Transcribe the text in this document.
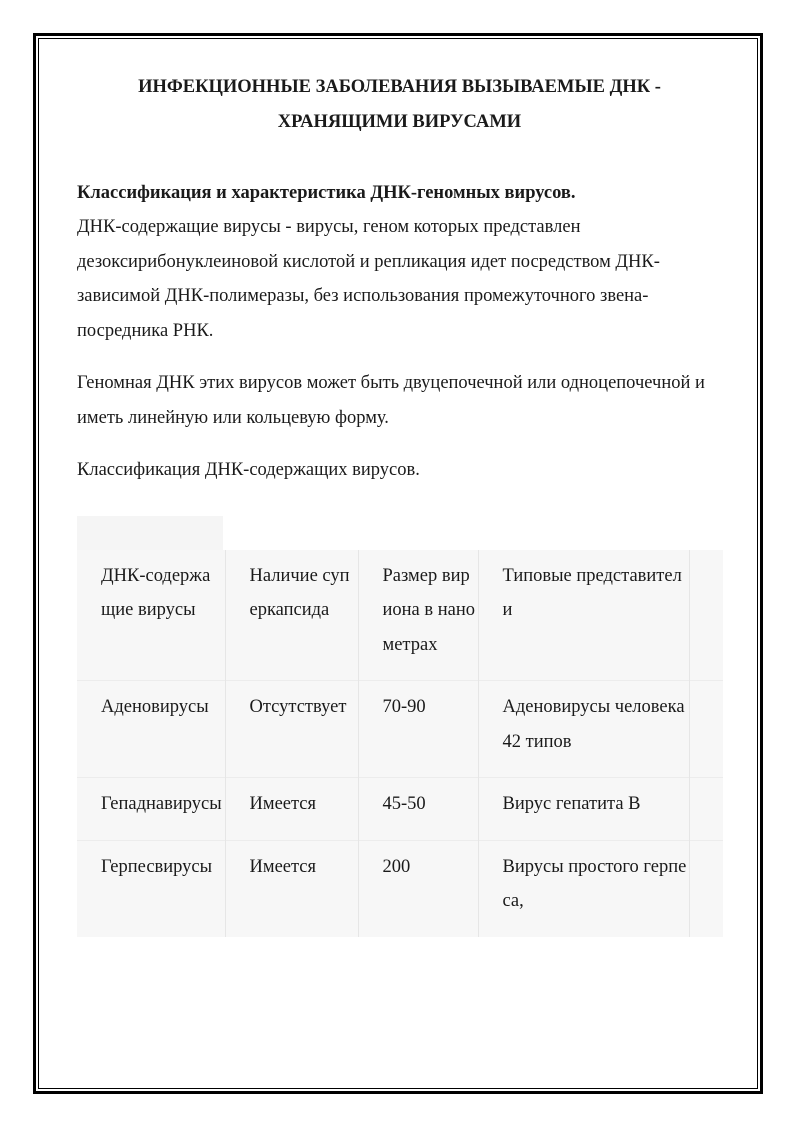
ИНФЕКЦИОННЫЕ ЗАБОЛЕВАНИЯ ВЫЗЫВАЕМЫЕ ДНК - ХРАНЯЩИМИ ВИРУСАМИ

Классификация и характеристика ДНК-геномных вирусов.

ДНК-содержащие вирусы - вирусы, геном которых представлен дезоксирибонуклеиновой кислотой и репликация идет посредством ДНК-зависимой ДНК-полимеразы, без использования промежуточного звена-посредника РНК.

Геномная ДНК этих вирусов может быть двуцепочечной или одноцепочечной и иметь линейную или кольцевую форму.

Классификация ДНК-содержащих вирусов.

ДНК-содержащие вирусы	Наличие суперкапсида	Размер вириона в нанометрах	Типовые представители	
Аденовирусы	Отсутствует	70-90	Аденовирусы человека 42 типов	
Гепаднавирусы	Имеется	45-50	Вирус гепатита В	
Герпесвирусы	Имеется	200	Вирусы простого герпеса,	
